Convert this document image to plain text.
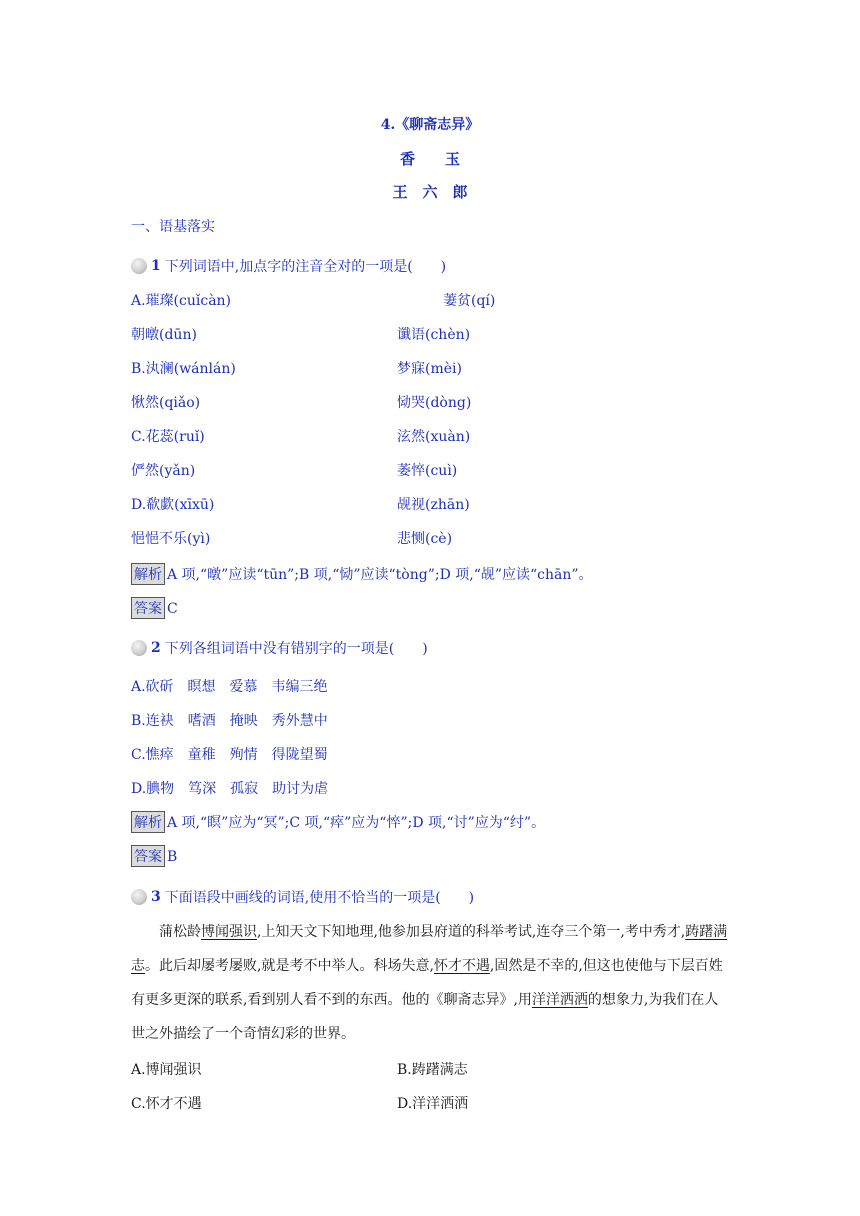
4.《聊斋志异》
香　　玉
王　六　郎
一、语基落实
1 下列词语中,加点字的注音全对的一项是(　　)
A.璀璨(cuǐcàn)	萋贫(qí)
朝暾(dūn)	谶语(chèn)
B.汍澜(wánlán)	梦寐(mèi)
愀然(qiǎo)	恸哭(dòng)
C.花蕊(ruǐ)	泫然(xuàn)
俨然(yǎn)	萎悴(cuì)
D.欷歔(xīxū)	觇视(zhān)
悒悒不乐(yì)	悲恻(cè)
解析 A 项,“暾”应读“tūn”;B 项,“恸”应读“tòng”;D 项,“觇”应读“chān”。
答案 C
2 下列各组词语中没有错别字的一项是(　　)
A.砍斫　瞑想　爱慕　韦编三绝
B.连袂　嗜酒　掩映　秀外慧中
C.憔瘁　童稚　殉情　得陇望蜀
D.腆物　笃深　孤寂　助讨为虐
解析 A 项,“瞑”应为“冥”;C 项,“瘁”应为“悴”;D 项,“讨”应为“纣”。
答案 B
3 下面语段中画线的词语,使用不恰当的一项是(　　)
蒲松龄博闻强识,上知天文下知地理,他参加县府道的科举考试,连夺三个第一,考中秀才,踌躇满志。此后却屡考屡败,就是考不中举人。科场失意,怀才不遇,固然是不幸的,但这也使他与下层百姓有更多更深的联系,看到别人看不到的东西。他的《聊斋志异》,用洋洋洒洒的想象力,为我们在人世之外描绘了一个奇情幻彩的世界。
A.博闻强识	B.踌躇满志
C.怀才不遇	D.洋洋洒洒
